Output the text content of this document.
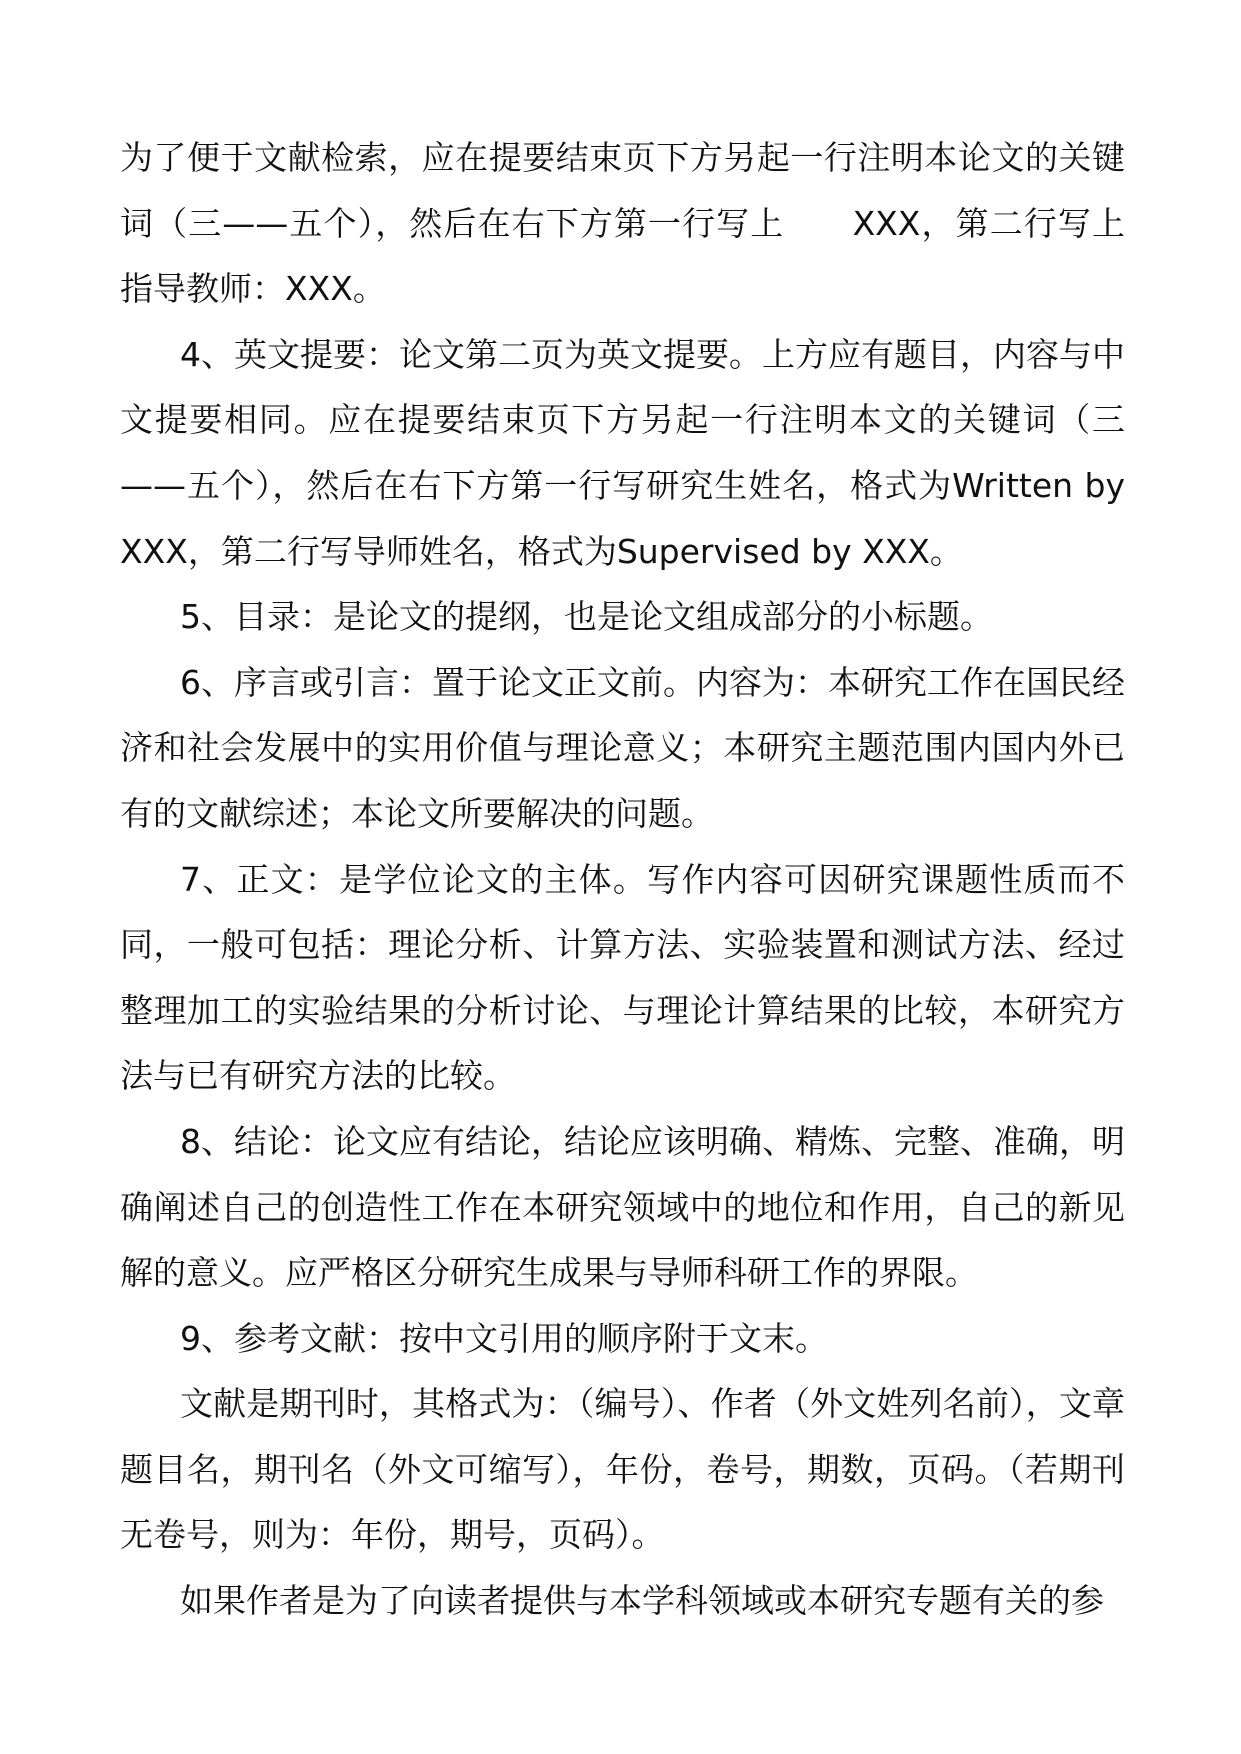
为了便于文献检索，应在提要结束页下方另起一行注明本论文的关键词（三——五个），然后在右下方第一行写上　　XXX，第二行写上指导教师：XXX。

4、英文提要：论文第二页为英文提要。上方应有题目，内容与中文提要相同。应在提要结束页下方另起一行注明本文的关键词（三——五个），然后在右下方第一行写研究生姓名，格式为Written by XXX，第二行写导师姓名，格式为Supervised by XXX。

5、目录：是论文的提纲，也是论文组成部分的小标题。

6、序言或引言：置于论文正文前。内容为：本研究工作在国民经济和社会发展中的实用价值与理论意义；本研究主题范围内国内外已有的文献综述；本论文所要解决的问题。

7、正文：是学位论文的主体。写作内容可因研究课题性质而不同，一般可包括：理论分析、计算方法、实验装置和测试方法、经过整理加工的实验结果的分析讨论、与理论计算结果的比较，本研究方法与已有研究方法的比较。

8、结论：论文应有结论，结论应该明确、精炼、完整、准确，明确阐述自己的创造性工作在本研究领域中的地位和作用，自己的新见解的意义。应严格区分研究生成果与导师科研工作的界限。

9、参考文献：按中文引用的顺序附于文末。

文献是期刊时，其格式为：（编号）、作者（外文姓列名前），文章题目名，期刊名（外文可缩写），年份，卷号，期数，页码。（若期刊无卷号，则为：年份，期号，页码）。

如果作者是为了向读者提供与本学科领域或本研究专题有关的参
